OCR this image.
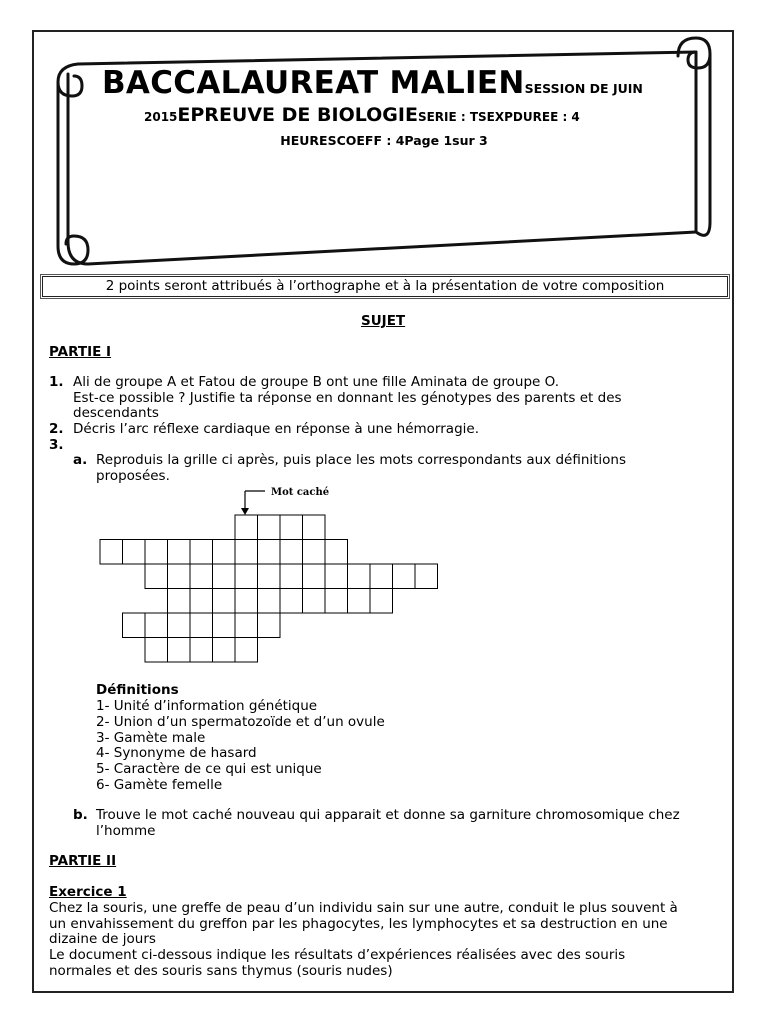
BACCALAUREAT MALIENSESSION DE JUIN
2015EPREUVE DE BIOLOGIESERIE : TSEXPDUREE : 4
HEURESCOEFF : 4Page 1sur 3
2 points seront attribués à l’orthographe et à la présentation de votre composition
SUJET
PARTIE I
1. Ali de groupe A et Fatou de groupe B ont une fille Aminata de groupe O.
Est-ce possible ? Justifie ta réponse en donnant les génotypes des parents et des
descendants
2. Décris l’arc réflexe cardiaque en réponse à une hémorragie.
3.
a. Reproduis la grille ci après, puis place les mots correspondants aux définitions
proposées.
Mot caché
Définitions
1- Unité d’information génétique
2- Union d’un spermatozoïde et d’un ovule
3- Gamète male
4- Synonyme de hasard
5- Caractère de ce qui est unique
6- Gamète femelle
b. Trouve le mot caché nouveau qui apparait et donne sa garniture chromosomique chez
l’homme
PARTIE II
Exercice 1
Chez la souris, une greffe de peau d’un individu sain sur une autre, conduit le plus souvent à
un envahissement du greffon par les phagocytes, les lymphocytes et sa destruction en une
dizaine de jours
Le document ci-dessous indique les résultats d’expériences réalisées avec des souris
normales et des souris sans thymus (souris nudes)
